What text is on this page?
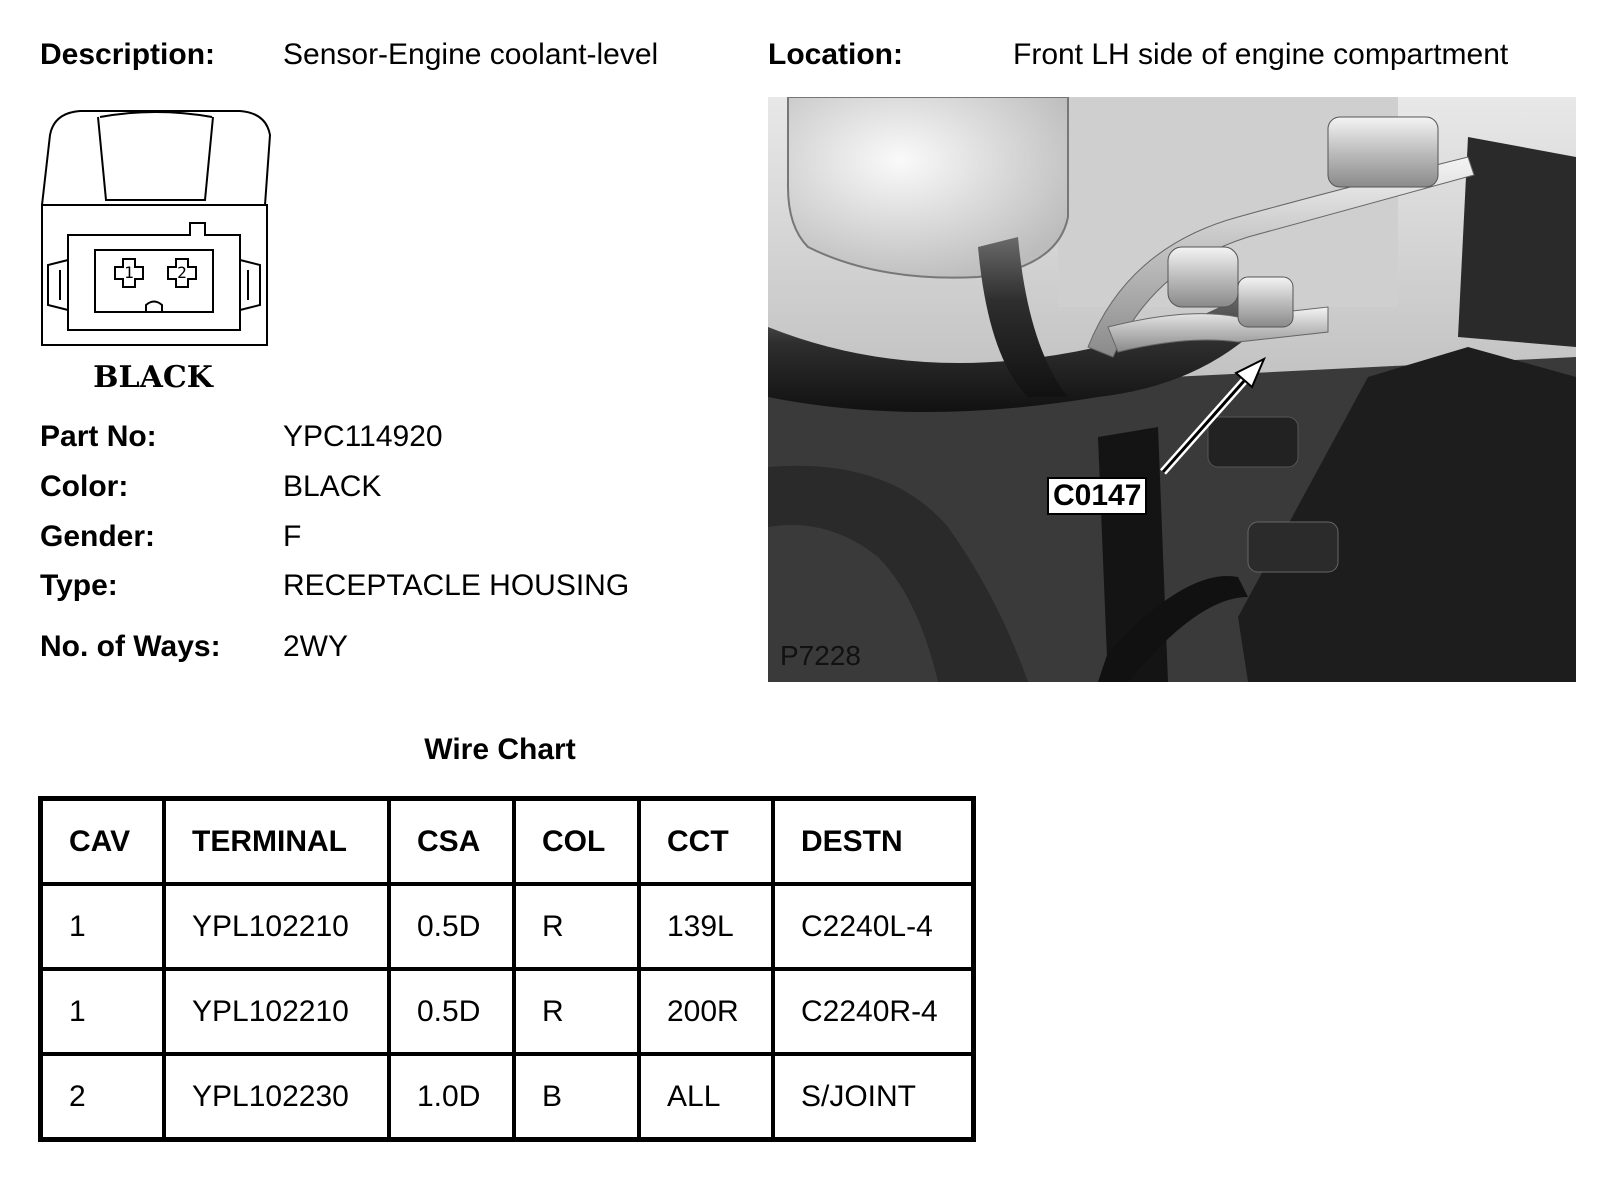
Description: Sensor-Engine coolant-level	Location:	Front LH side of engine compartment
1	2
BLACK
Part No:	YPC114920
Color:	BLACK
Gender:	F
Type:	RECEPTACLE HOUSING
No. of Ways: 2WY
C0147
P7228
Wire Chart
CAV	TERMINAL	CSA	COL	CCT	DESTN
1	YPL102210	0.5D	R	139L	C2240L-4
1	YPL102210	0.5D	R	200R	C2240R-4
2	YPL102230	1.0D	B	ALL	S/JOINT
